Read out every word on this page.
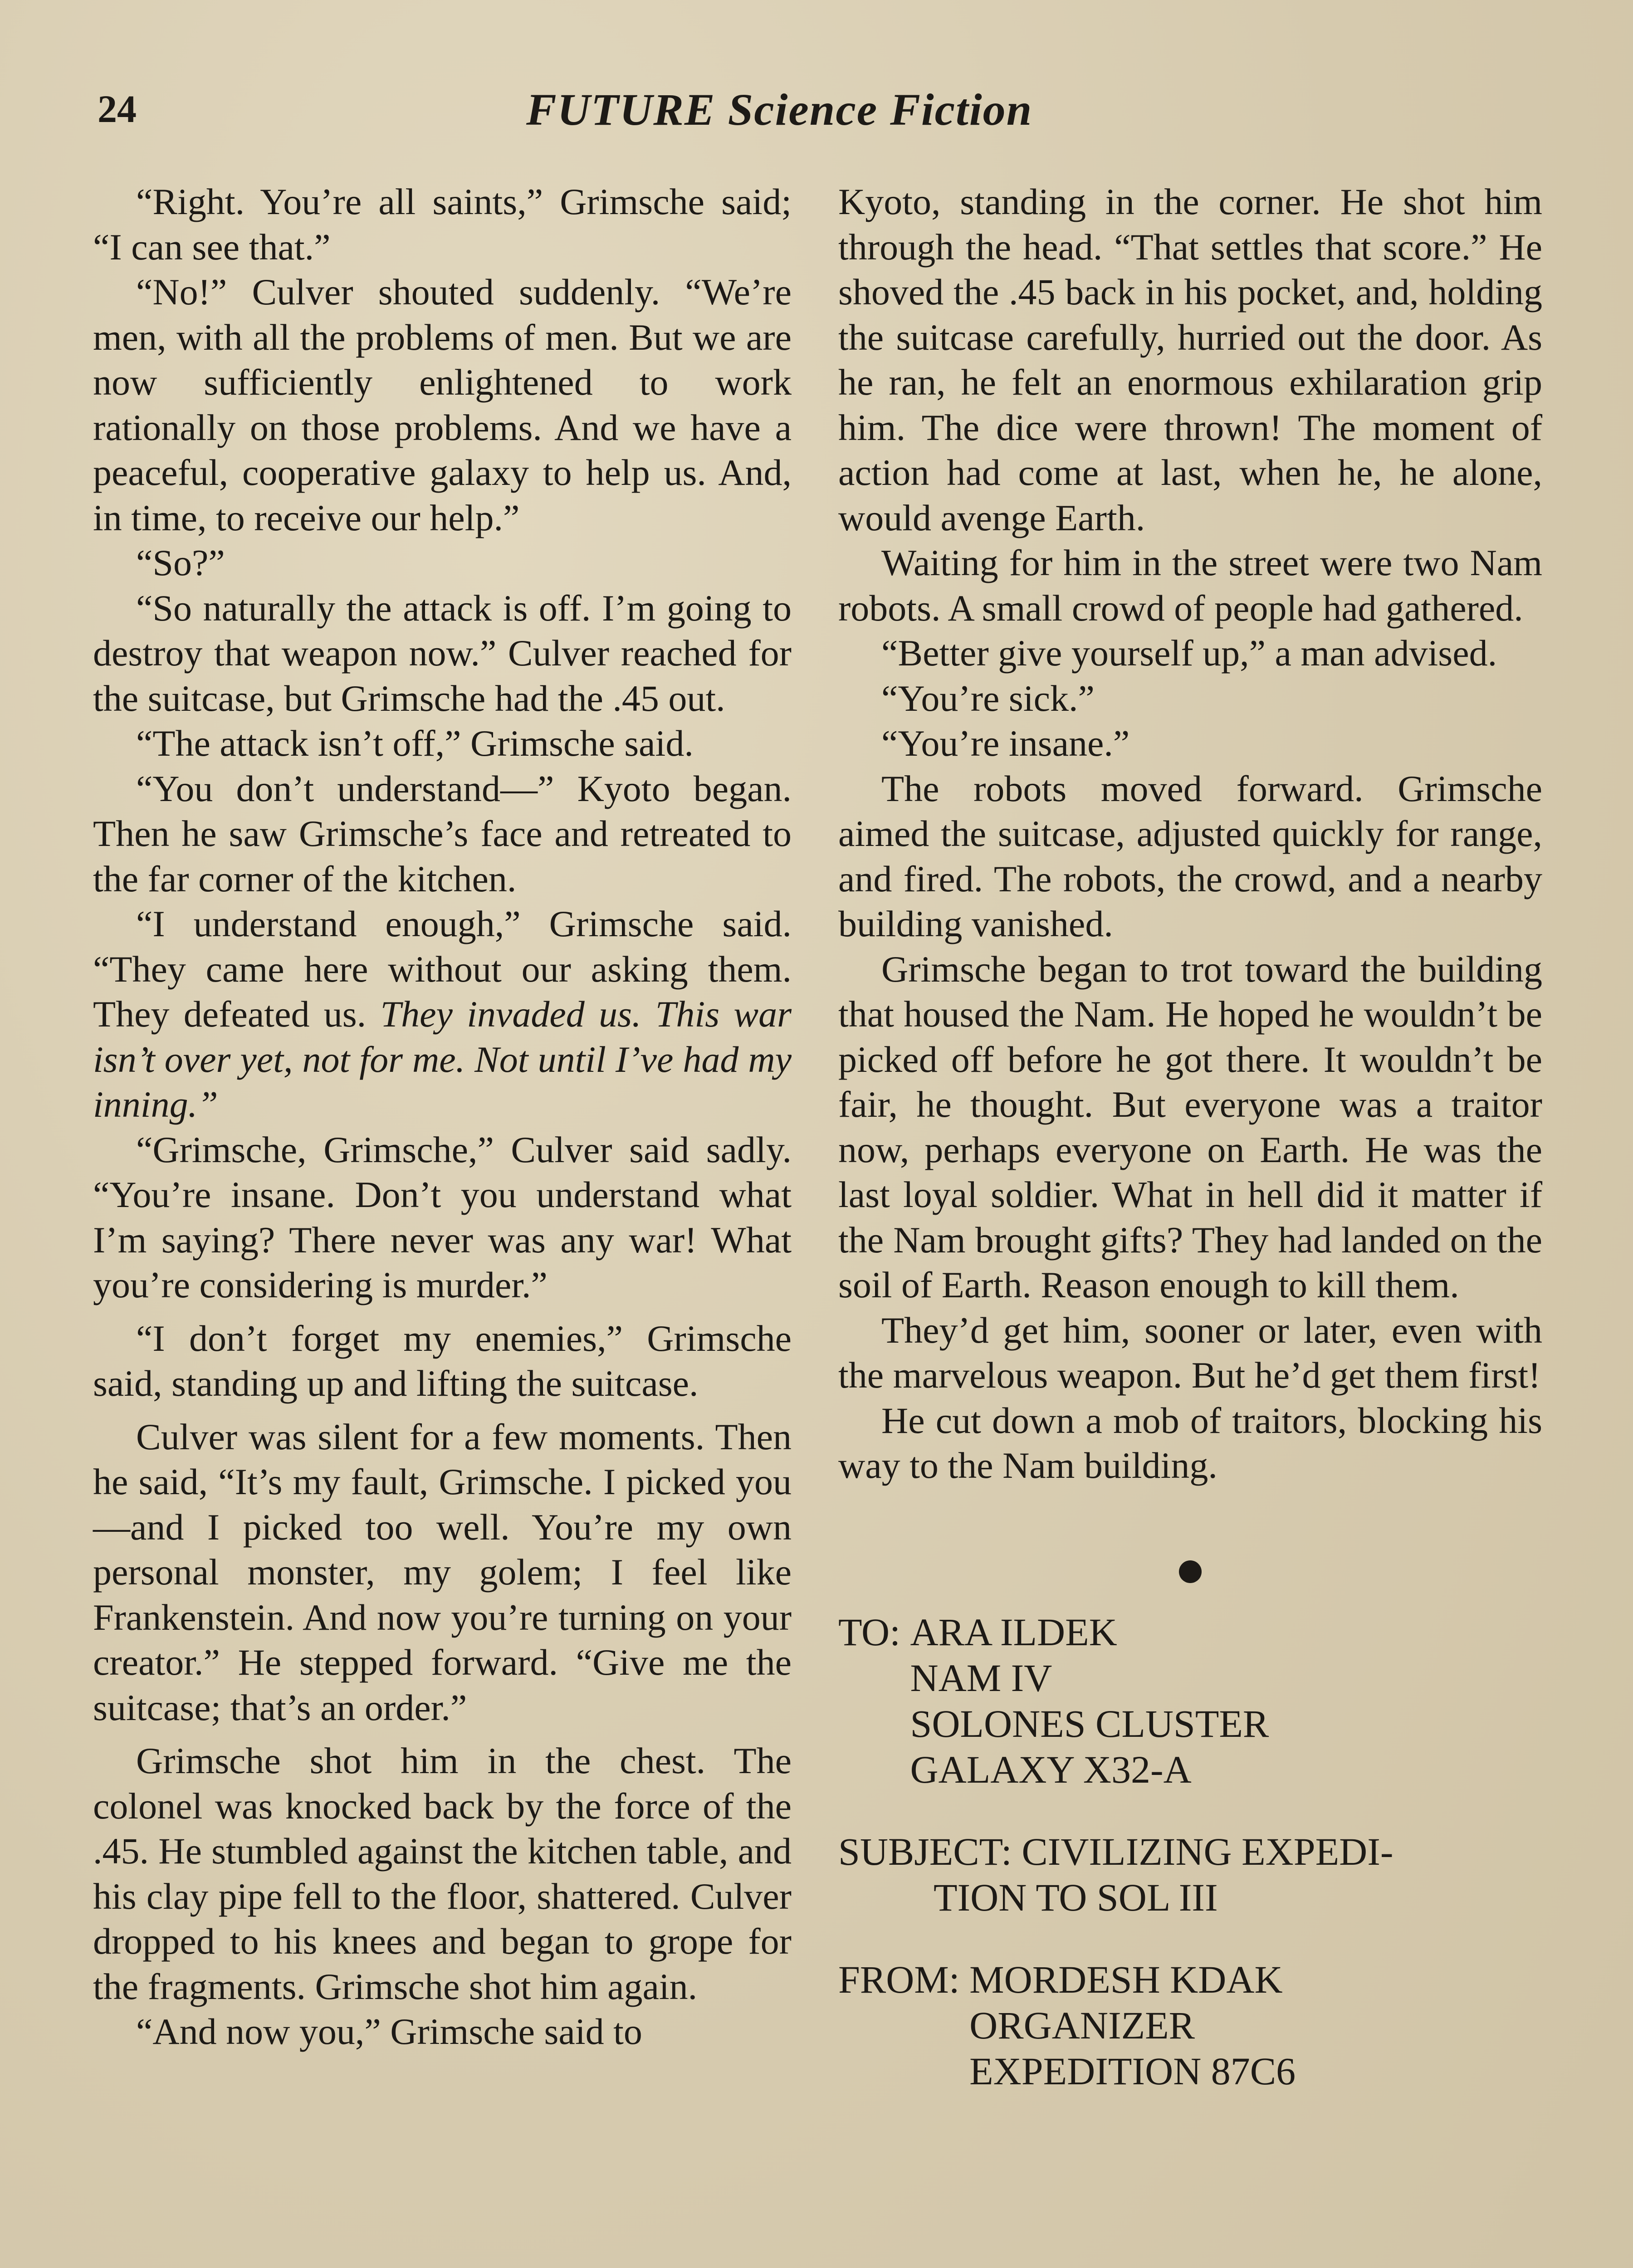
24	FUTURE Science Fiction

“Right. You’re all saints,” Grimsche said; “I can see that.”

“No!” Culver shouted suddenly. “We’re men, with all the problems of men. But we are now sufficiently enlightened to work rationally on those problems. And we have a peaceful, cooperative galaxy to help us. And, in time, to receive our help.”

“So?”

“So naturally the attack is off. I’m going to destroy that weapon now.” Culver reached for the suitcase, but Grimsche had the .45 out.

“The attack isn’t off,” Grimsche said.

“You don’t understand—” Kyoto began. Then he saw Grimsche’s face and retreated to the far corner of the kitchen.

“I understand enough,” Grimsche said. “They came here without our asking them. They defeated us. They invaded us. This war isn’t over yet, not for me. Not until I’ve had my inning.”

“Grimsche, Grimsche,” Culver said sadly. “You’re insane. Don’t you understand what I’m saying? There never was any war! What you’re considering is murder.”

“I don’t forget my enemies,” Grimsche said, standing up and lifting the suitcase.

Culver was silent for a few moments. Then he said, “It’s my fault, Grimsche. I picked you—and I picked too well. You’re my own personal monster, my golem; I feel like Frankenstein. And now you’re turning on your creator.” He stepped forward. “Give me the suitcase; that’s an order.”

Grimsche shot him in the chest. The colonel was knocked back by the force of the .45. He stumbled against the kitchen table, and his clay pipe fell to the floor, shattered. Culver dropped to his knees and began to grope for the fragments. Grimsche shot him again.

“And now you,” Grimsche said to

Kyoto, standing in the corner. He shot him through the head. “That settles that score.” He shoved the .45 back in his pocket, and, holding the suitcase carefully, hurried out the door. As he ran, he felt an enormous exhilaration grip him. The dice were thrown! The moment of action had come at last, when he, he alone, would avenge Earth.

Waiting for him in the street were two Nam robots. A small crowd of people had gathered.

“Better give yourself up,” a man advised.

“You’re sick.”

“You’re insane.”

The robots moved forward. Grimsche aimed the suitcase, adjusted quickly for range, and fired. The robots, the crowd, and a nearby building vanished.

Grimsche began to trot toward the building that housed the Nam. He hoped he wouldn’t be picked off before he got there. It wouldn’t be fair, he thought. But everyone was a traitor now, perhaps everyone on Earth. He was the last loyal soldier. What in hell did it matter if the Nam brought gifts? They had landed on the soil of Earth. Reason enough to kill them.

They’d get him, sooner or later, even with the marvelous weapon. But he’d get them first!

He cut down a mob of traitors, blocking his way to the Nam building.

TO: ARA ILDEK
NAM IV
SOLONES CLUSTER
GALAXY X32-A
SUBJECT: CIVILIZING EXPEDI-
TION TO SOL III
FROM: MORDESH KDAK
ORGANIZER
EXPEDITION 87C6
